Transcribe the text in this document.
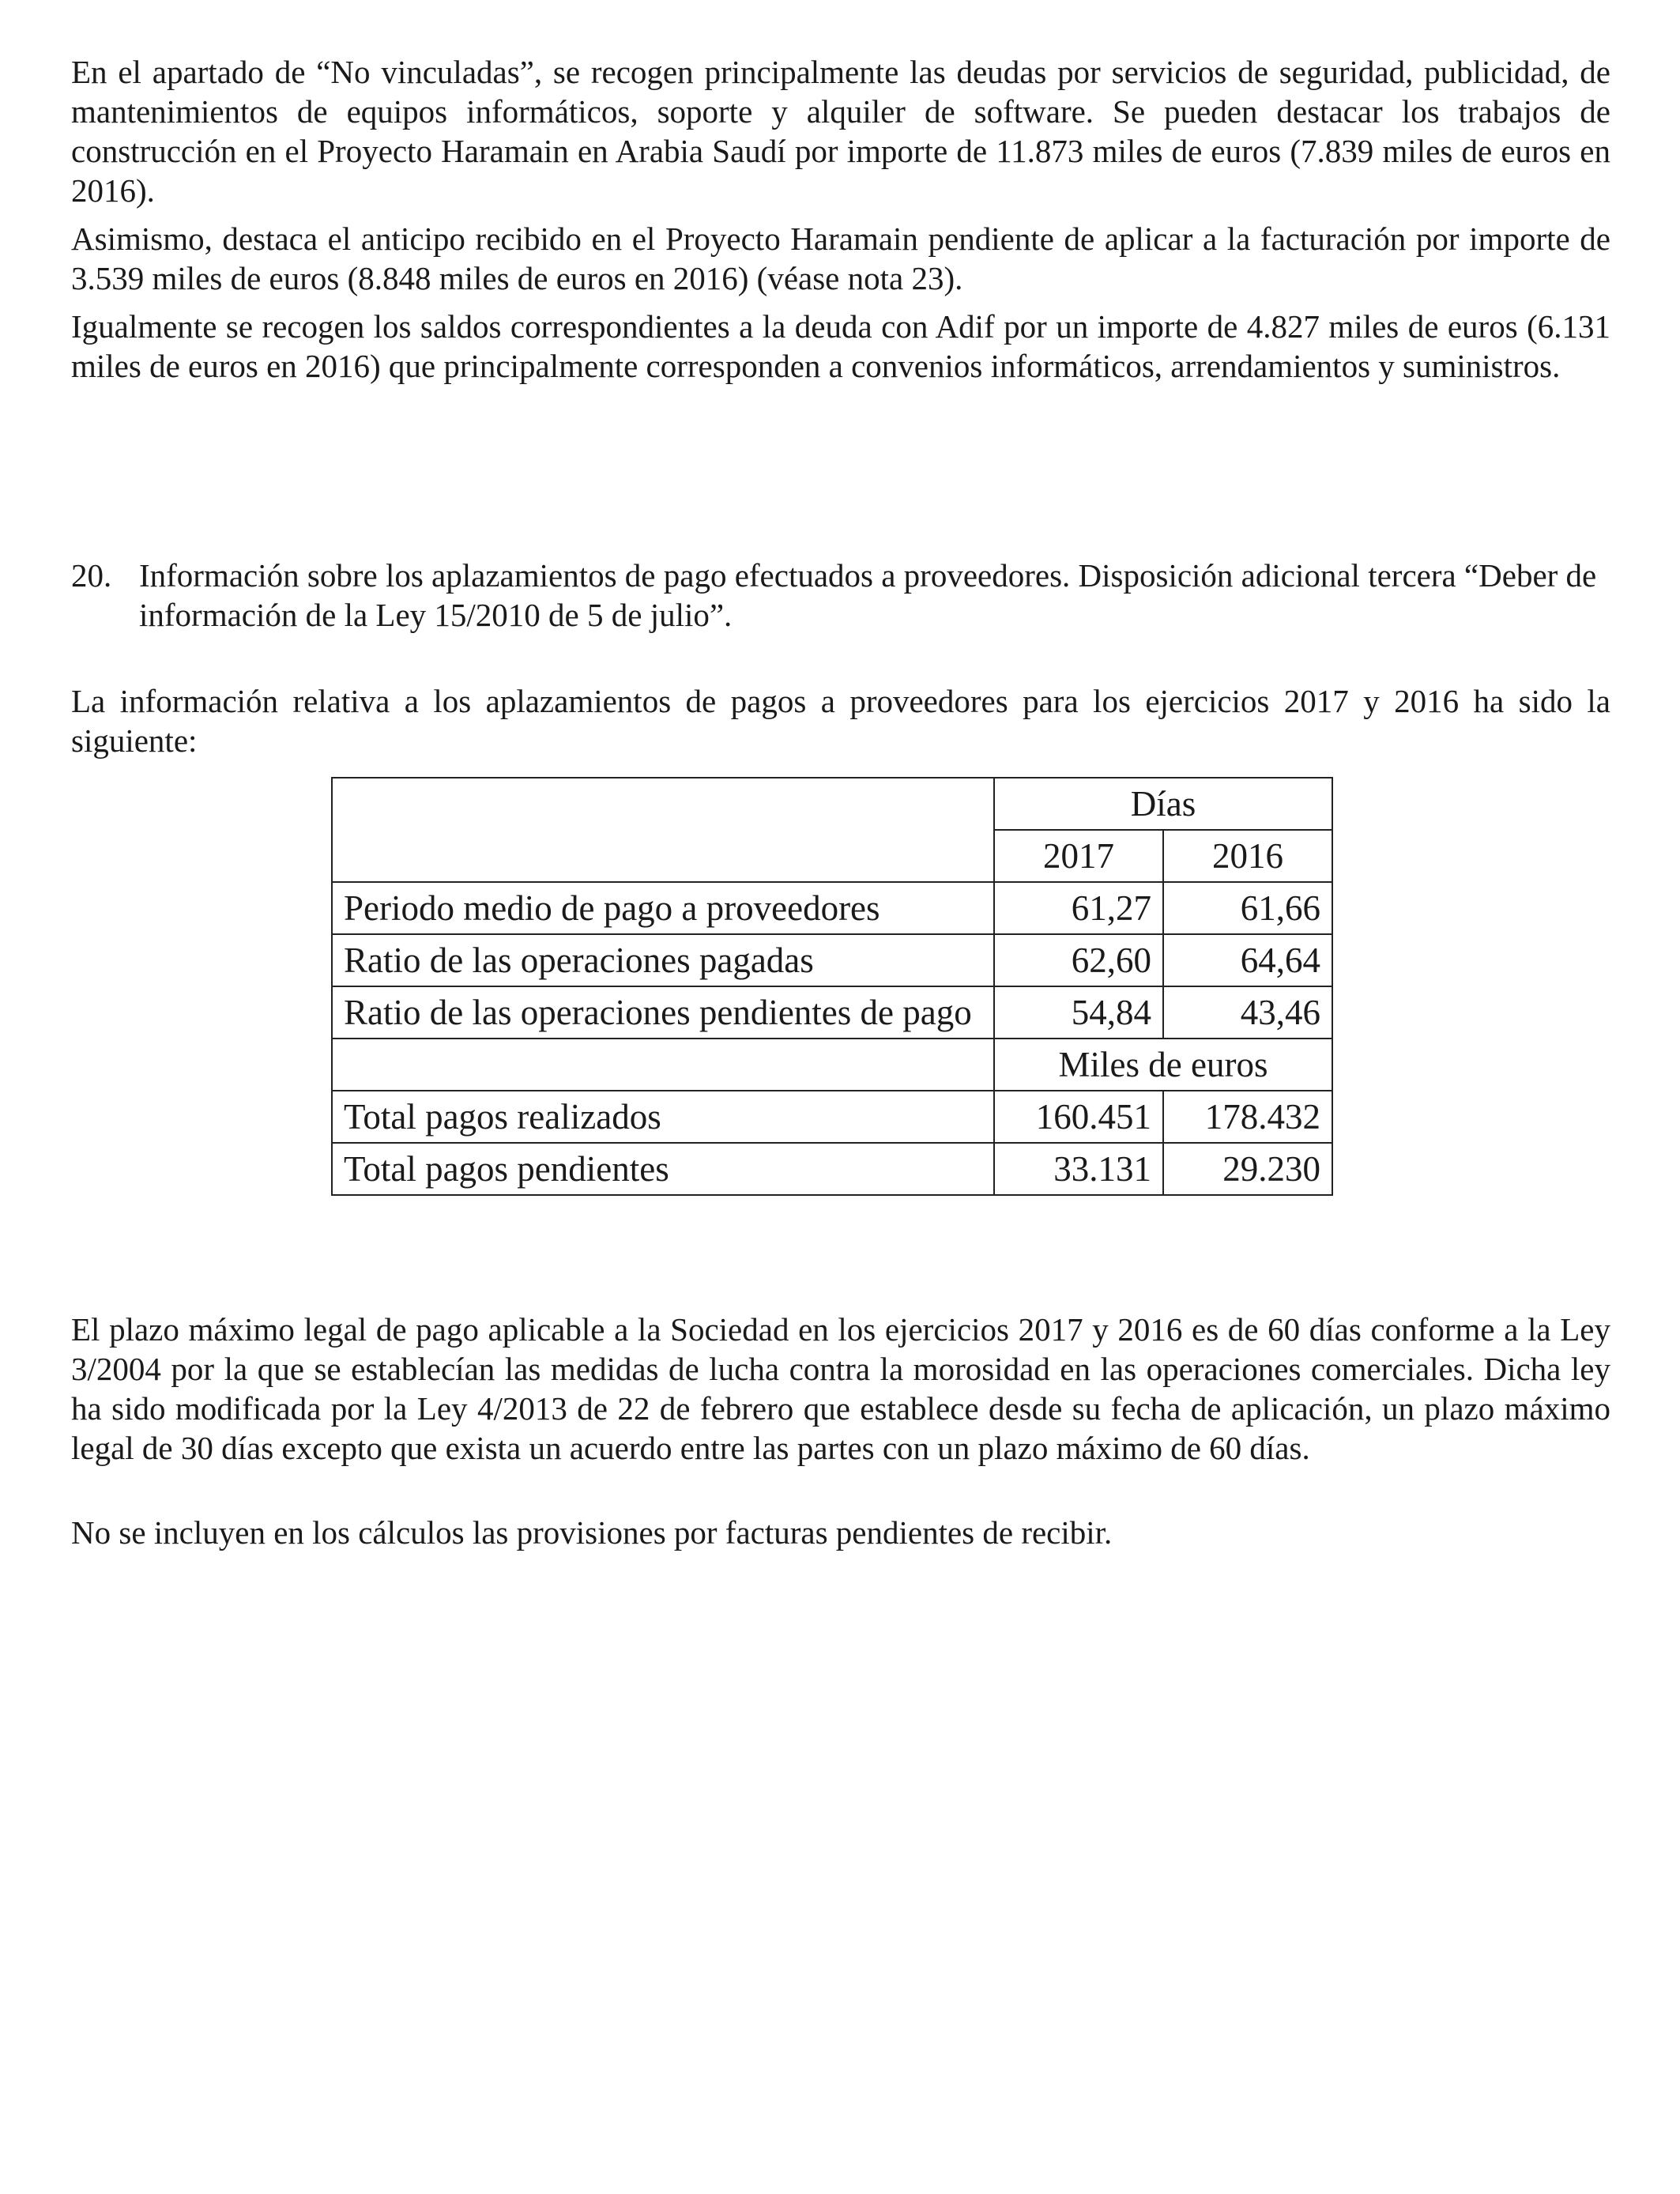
En el apartado de “No vinculadas”, se recogen principalmente las deudas por servicios de seguridad, publicidad, de mantenimientos de equipos informáticos, soporte y alquiler de software. Se pueden destacar los trabajos de construcción en el Proyecto Haramain en Arabia Saudí por importe de 11.873 miles de euros (7.839 miles de euros en 2016).

Asimismo, destaca el anticipo recibido en el Proyecto Haramain pendiente de aplicar a la facturación por importe de 3.539 miles de euros (8.848 miles de euros en 2016) (véase nota 23).

Igualmente se recogen los saldos correspondientes a la deuda con Adif por un importe de 4.827 miles de euros (6.131 miles de euros en 2016) que principalmente corresponden a convenios informáticos, arrendamientos y suministros.

20. Información sobre los aplazamientos de pago efectuados a proveedores. Disposición adicional tercera “Deber de información de la Ley 15/2010 de 5 de julio”.

La información relativa a los aplazamientos de pagos a proveedores para los ejercicios 2017 y 2016 ha sido la siguiente:

	Días	
	2017	2016
Periodo medio de pago a proveedores	61,27	61,66
Ratio de las operaciones pagadas	62,60	64,64
Ratio de las operaciones pendientes de pago	54,84	43,46
	Miles de euros	
Total pagos realizados	160.451	178.432
Total pagos pendientes	33.131	29.230

El plazo máximo legal de pago aplicable a la Sociedad en los ejercicios 2017 y 2016 es de 60 días conforme a la Ley 3/2004 por la que se establecían las medidas de lucha contra la morosidad en las operaciones comerciales. Dicha ley ha sido modificada por la Ley 4/2013 de 22 de febrero que establece desde su fecha de aplicación, un plazo máximo legal de 30 días excepto que exista un acuerdo entre las partes con un plazo máximo de 60 días.

No se incluyen en los cálculos las provisiones por facturas pendientes de recibir.
